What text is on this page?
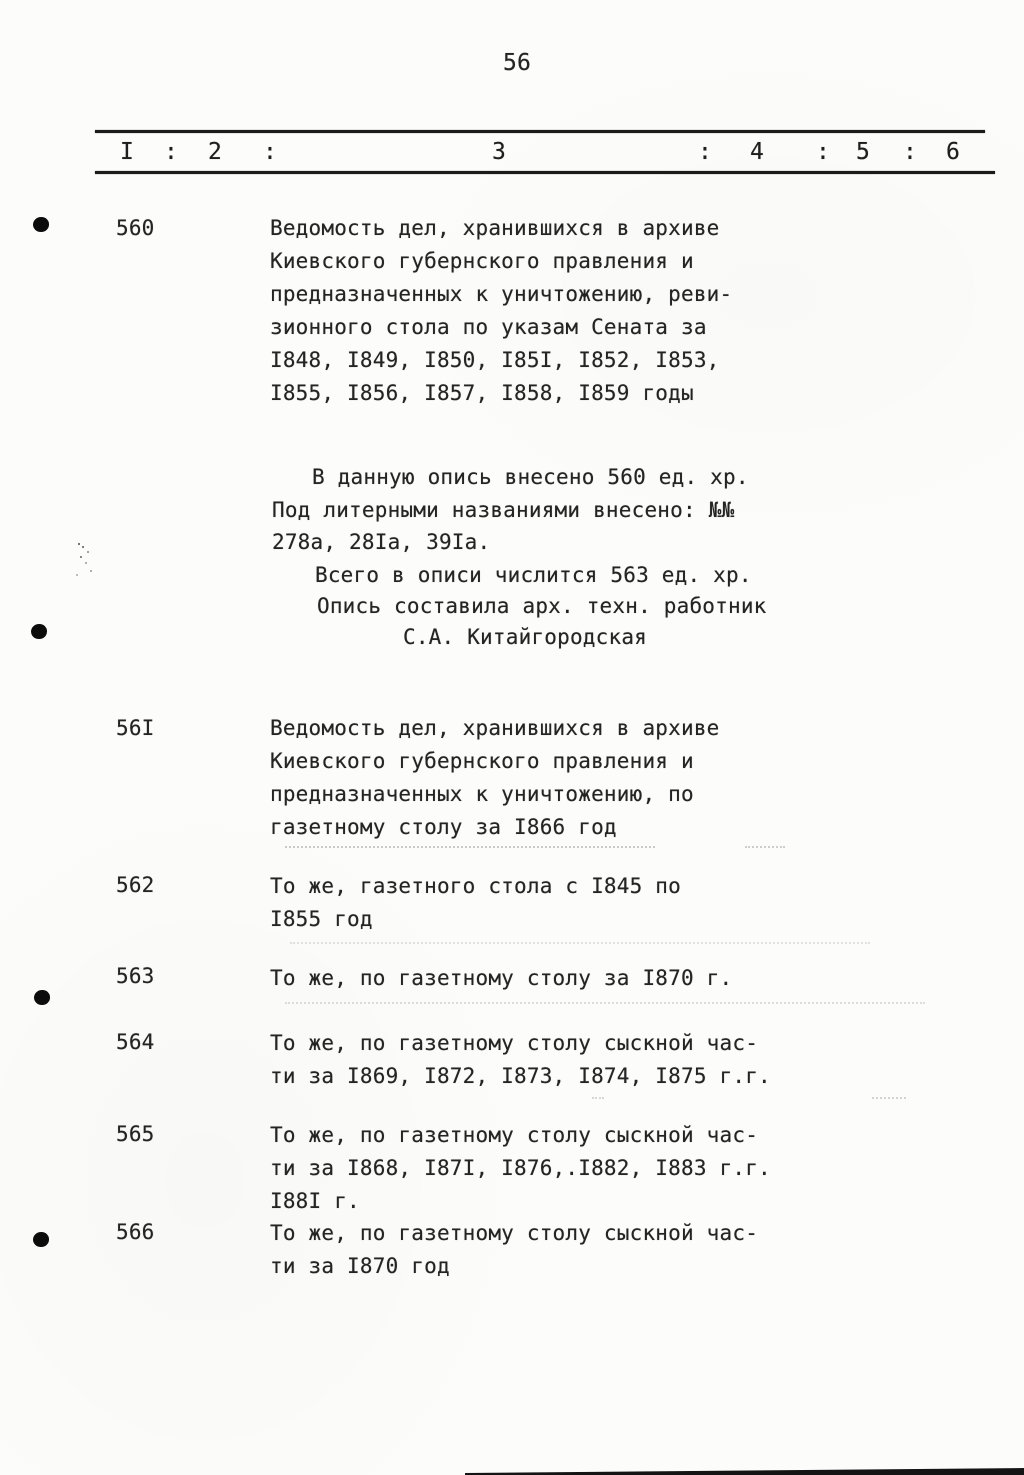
56
I : 2 :	3	: 4 : 5 : 6
560	Ведомость дел, хранившихся в архиве
Киевского губернского правления и
предназначенных к уничтожению, реви-
зионного стола по указам Сената за
I848, I849, I850, I85I, I852, I853,
I855, I856, I857, I858, I859 годы
В данную опись внесено 560 ед. хр.
Под литерными названиями внесено: №№
278а, 28Iа, 39Iа.
Всего в описи числится 563 ед. хр.
Опись составила арх. техн. работник
С.А. Китайгородская
56I	Ведомость дел, хранившихся в архиве
Киевского губернского правления и
предназначенных к уничтожению, по
газетному столу за I866 год
562	То же, газетного стола с I845 по
I855 год
563	То же, по газетному столу за I870 г.
564	То же, по газетному столу сыскной час-
ти за I869, I872, I873, I874, I875 г.г.
565	То же, по газетному столу сыскной час-
ти за I868, I87I, I876,.I882, I883 г.г.
I88I г.
566	То же, по газетному столу сыскной час-
ти за I870 год
